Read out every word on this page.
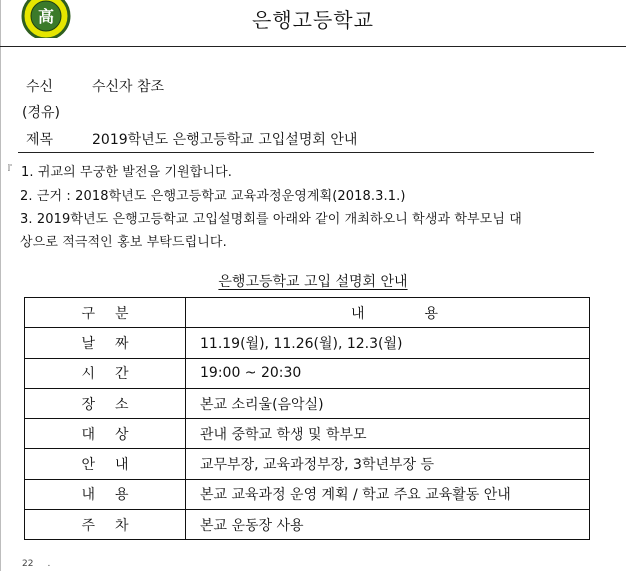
高	은행고등학교
수신	수신자 참조
(경유)
제목	2019학년도 은행고등학교 고입설명회 안내
『 1. 귀교의 무궁한 발전을 기원합니다.
2. 근거 : 2018학년도 은행고등학교 교육과정운영계획(2018.3.1.)
3. 2019학년도 은행고등학교 고입설명회를 아래와 같이 개최하오니 학생과 학부모님 대
상으로 적극적인 홍보 부탁드립니다.
은행고등학교 고입 설명회 안내
구분	내용
날짜	11.19(월), 11.26(월), 12.3(월)
시간	19:00 ~ 20:30
장소	본교 소리울(음악실)
대상	관내 중학교 학생 및 학부모
안내	교무부장, 교육과정부장, 3학년부장 등
내용	본교 교육과정 운영 계획 / 학교 주요 교육활동 안내
주차	본교 운동장 사용
22 .
